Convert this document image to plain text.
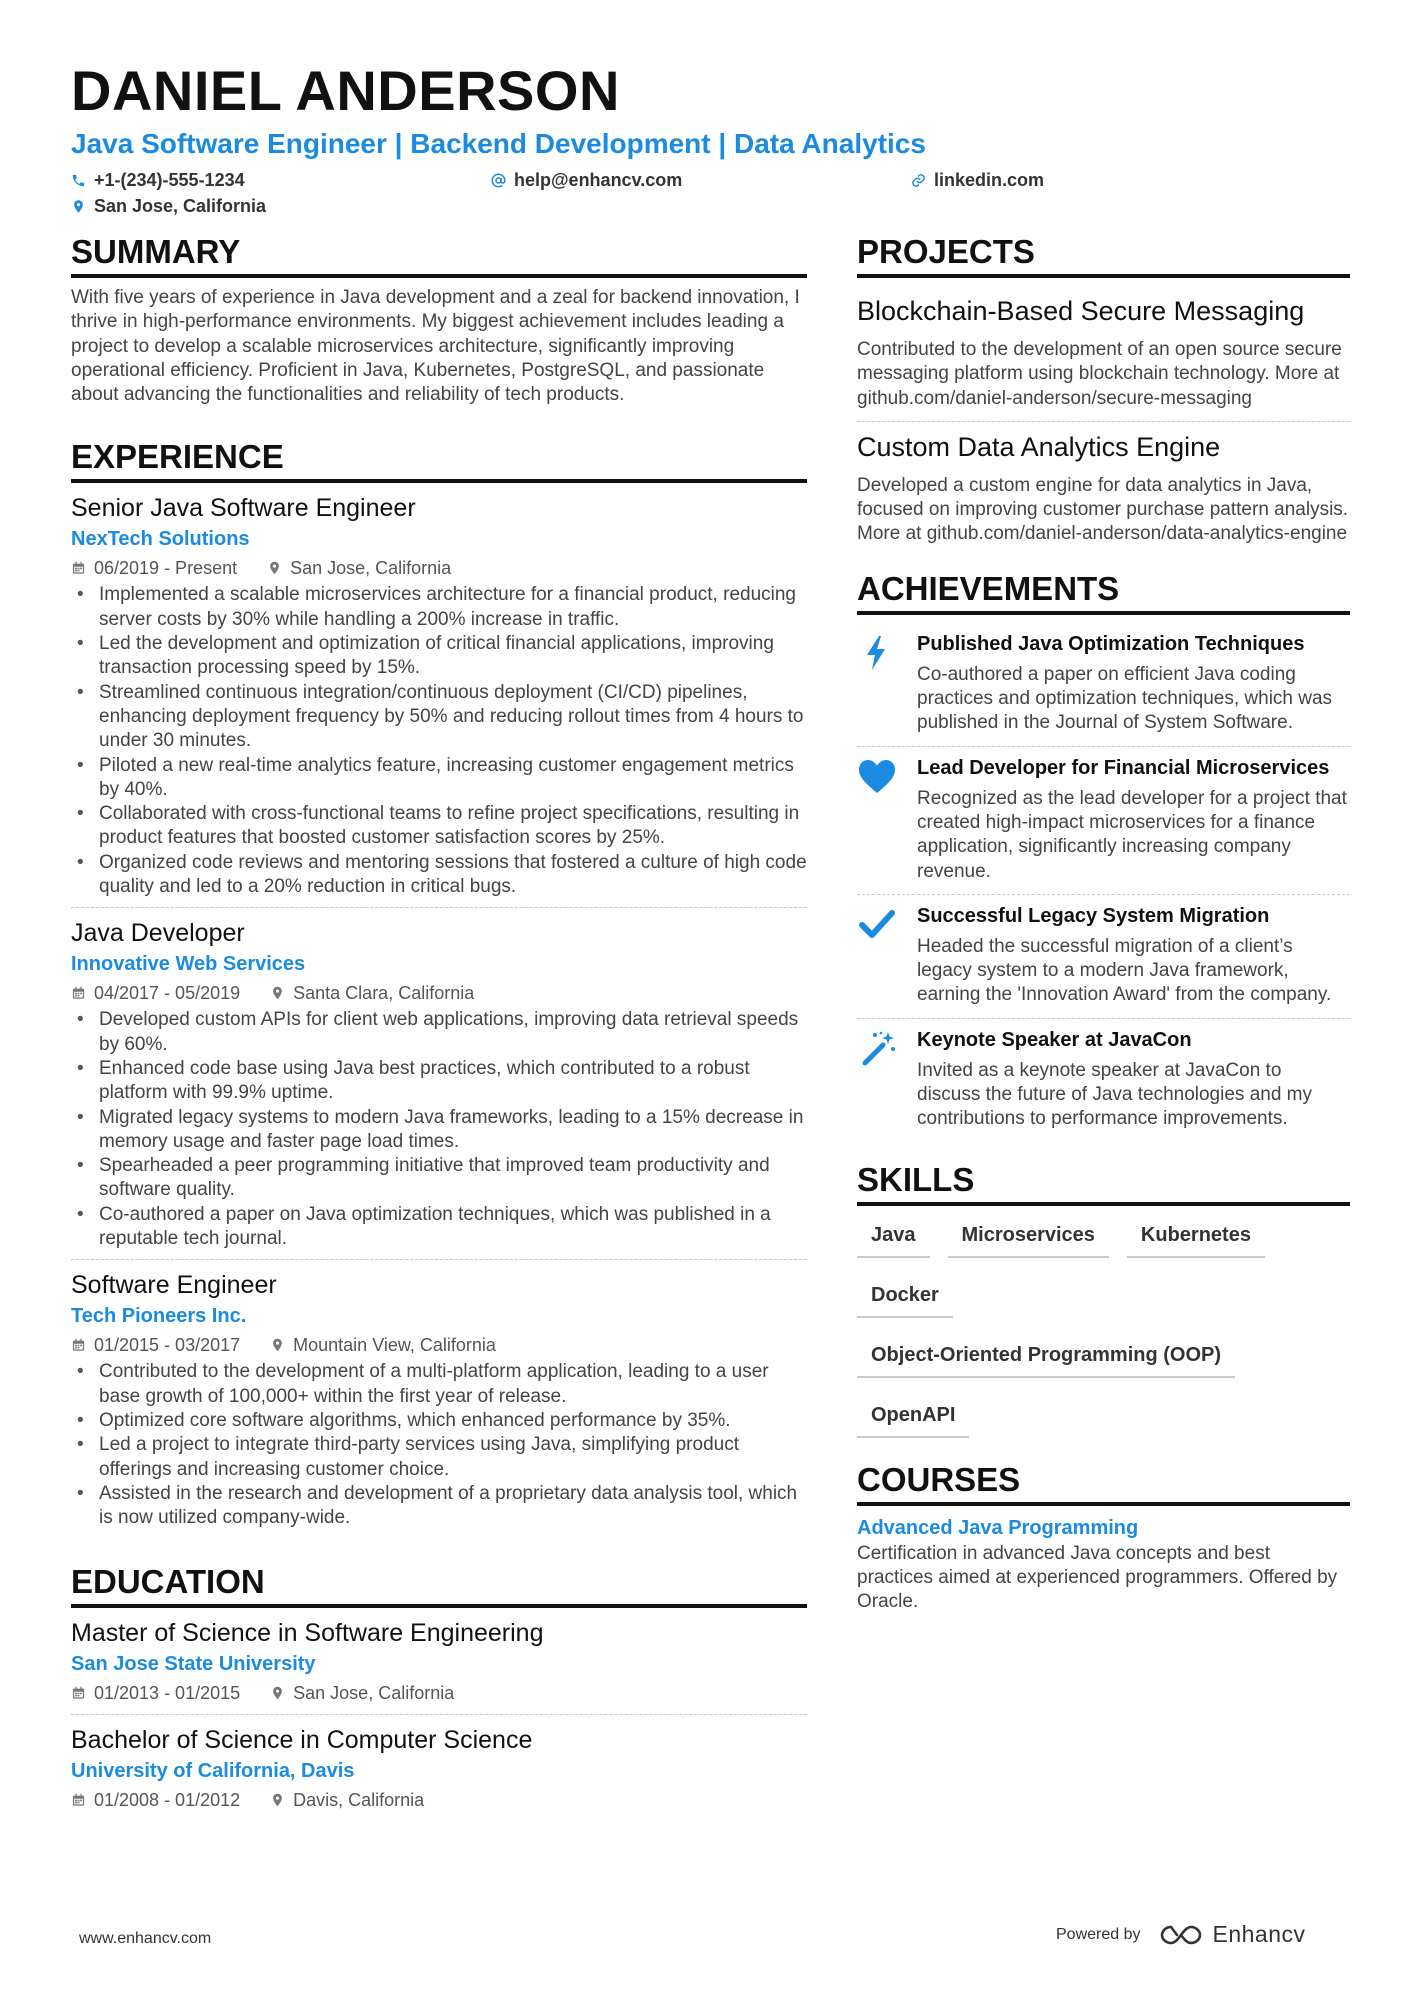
DANIEL ANDERSON
Java Software Engineer | Backend Development | Data Analytics
+1-(234)-555-1234	help@enhancv.com	linkedin.com
San Jose, California
SUMMARY
With five years of experience in Java development and a zeal for backend innovation, I thrive in high-performance environments. My biggest achievement includes leading a project to develop a scalable microservices architecture, significantly improving operational efficiency. Proficient in Java, Kubernetes, PostgreSQL, and passionate about advancing the functionalities and reliability of tech products.
EXPERIENCE
Senior Java Software Engineer
NexTech Solutions
06/2019 - Present	San Jose, California
• Implemented a scalable microservices architecture for a financial product, reducing server costs by 30% while handling a 200% increase in traffic.
• Led the development and optimization of critical financial applications, improving transaction processing speed by 15%.
• Streamlined continuous integration/continuous deployment (CI/CD) pipelines, enhancing deployment frequency by 50% and reducing rollout times from 4 hours to under 30 minutes.
• Piloted a new real-time analytics feature, increasing customer engagement metrics by 40%.
• Collaborated with cross-functional teams to refine project specifications, resulting in product features that boosted customer satisfaction scores by 25%.
• Organized code reviews and mentoring sessions that fostered a culture of high code quality and led to a 20% reduction in critical bugs.
Java Developer
Innovative Web Services
04/2017 - 05/2019	Santa Clara, California
• Developed custom APIs for client web applications, improving data retrieval speeds by 60%.
• Enhanced code base using Java best practices, which contributed to a robust platform with 99.9% uptime.
• Migrated legacy systems to modern Java frameworks, leading to a 15% decrease in memory usage and faster page load times.
• Spearheaded a peer programming initiative that improved team productivity and software quality.
• Co-authored a paper on Java optimization techniques, which was published in a reputable tech journal.
Software Engineer
Tech Pioneers Inc.
01/2015 - 03/2017	Mountain View, California
• Contributed to the development of a multi-platform application, leading to a user base growth of 100,000+ within the first year of release.
• Optimized core software algorithms, which enhanced performance by 35%.
• Led a project to integrate third-party services using Java, simplifying product offerings and increasing customer choice.
• Assisted in the research and development of a proprietary data analysis tool, which is now utilized company-wide.
EDUCATION
Master of Science in Software Engineering
San Jose State University
01/2013 - 01/2015	San Jose, California
Bachelor of Science in Computer Science
University of California, Davis
01/2008 - 01/2012	Davis, California
PROJECTS
Blockchain-Based Secure Messaging
Contributed to the development of an open source secure messaging platform using blockchain technology. More at github.com/daniel-anderson/secure-messaging
Custom Data Analytics Engine
Developed a custom engine for data analytics in Java, focused on improving customer purchase pattern analysis. More at github.com/daniel-anderson/data-analytics-engine
ACHIEVEMENTS
Published Java Optimization Techniques
Co-authored a paper on efficient Java coding practices and optimization techniques, which was published in the Journal of System Software.
Lead Developer for Financial Microservices
Recognized as the lead developer for a project that created high-impact microservices for a finance application, significantly increasing company revenue.
Successful Legacy System Migration
Headed the successful migration of a client’s legacy system to a modern Java framework, earning the 'Innovation Award' from the company.
Keynote Speaker at JavaCon
Invited as a keynote speaker at JavaCon to discuss the future of Java technologies and my contributions to performance improvements.
SKILLS
Java	Microservices	Kubernetes
Docker
Object-Oriented Programming (OOP)
OpenAPI
COURSES
Advanced Java Programming
Certification in advanced Java concepts and best practices aimed at experienced programmers. Offered by Oracle.
www.enhancv.com	Powered by	Enhancv
